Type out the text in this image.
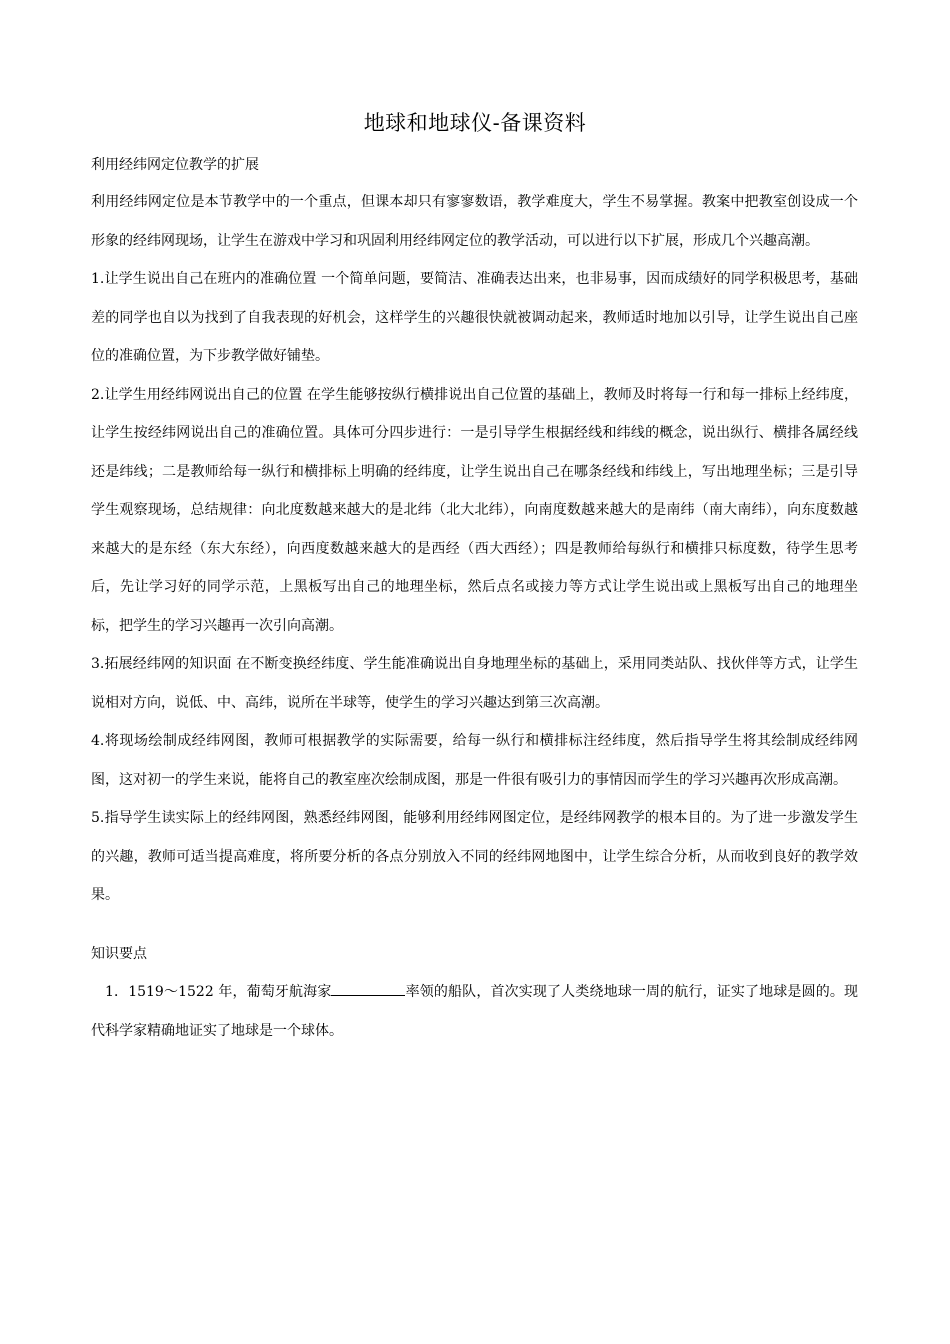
地球和地球仪-备课资料
利用经纬网定位教学的扩展

利用经纬网定位是本节教学中的一个重点，但课本却只有寥寥数语，教学难度大，学生不易掌握。教案中把教室创设成一个形象的经纬网现场，让学生在游戏中学习和巩固利用经纬网定位的教学活动，可以进行以下扩展，形成几个兴趣高潮。

1.让学生说出自己在班内的准确位置 一个简单问题，要简洁、准确表达出来，也非易事，因而成绩好的同学积极思考，基础差的同学也自以为找到了自我表现的好机会，这样学生的兴趣很快就被调动起来，教师适时地加以引导，让学生说出自己座位的准确位置，为下步教学做好铺垫。

2.让学生用经纬网说出自己的位置 在学生能够按纵行横排说出自己位置的基础上，教师及时将每一行和每一排标上经纬度，让学生按经纬网说出自己的准确位置。具体可分四步进行：一是引导学生根据经线和纬线的概念，说出纵行、横排各属经线还是纬线；二是教师给每一纵行和横排标上明确的经纬度，让学生说出自己在哪条经线和纬线上，写出地理坐标；三是引导学生观察现场，总结规律：向北度数越来越大的是北纬（北大北纬），向南度数越来越大的是南纬（南大南纬），向东度数越来越大的是东经（东大东经），向西度数越来越大的是西经（西大西经）；四是教师给每纵行和横排只标度数，待学生思考后，先让学习好的同学示范，上黑板写出自己的地理坐标，然后点名或接力等方式让学生说出或上黑板写出自己的地理坐标，把学生的学习兴趣再一次引向高潮。

3.拓展经纬网的知识面 在不断变换经纬度、学生能准确说出自身地理坐标的基础上，采用同类站队、找伙伴等方式，让学生说相对方向，说低、中、高纬，说所在半球等，使学生的学习兴趣达到第三次高潮。

4.将现场绘制成经纬网图，教师可根据教学的实际需要，给每一纵行和横排标注经纬度，然后指导学生将其绘制成经纬网图，这对初一的学生来说，能将自己的教室座次绘制成图，那是一件很有吸引力的事情因而学生的学习兴趣再次形成高潮。

5.指导学生读实际上的经纬网图，熟悉经纬网图，能够利用经纬网图定位，是经纬网教学的根本目的。为了进一步激发学生的兴趣，教师可适当提高难度，将所要分析的各点分别放入不同的经纬网地图中，让学生综合分析，从而收到良好的教学效果。

知识要点

1．1519～1522 年，葡萄牙航海家	率领的船队，首次实现了人类绕地球一周的航行，证实了地球是圆的。现代科学家精确地证实了地球是一个球体。
